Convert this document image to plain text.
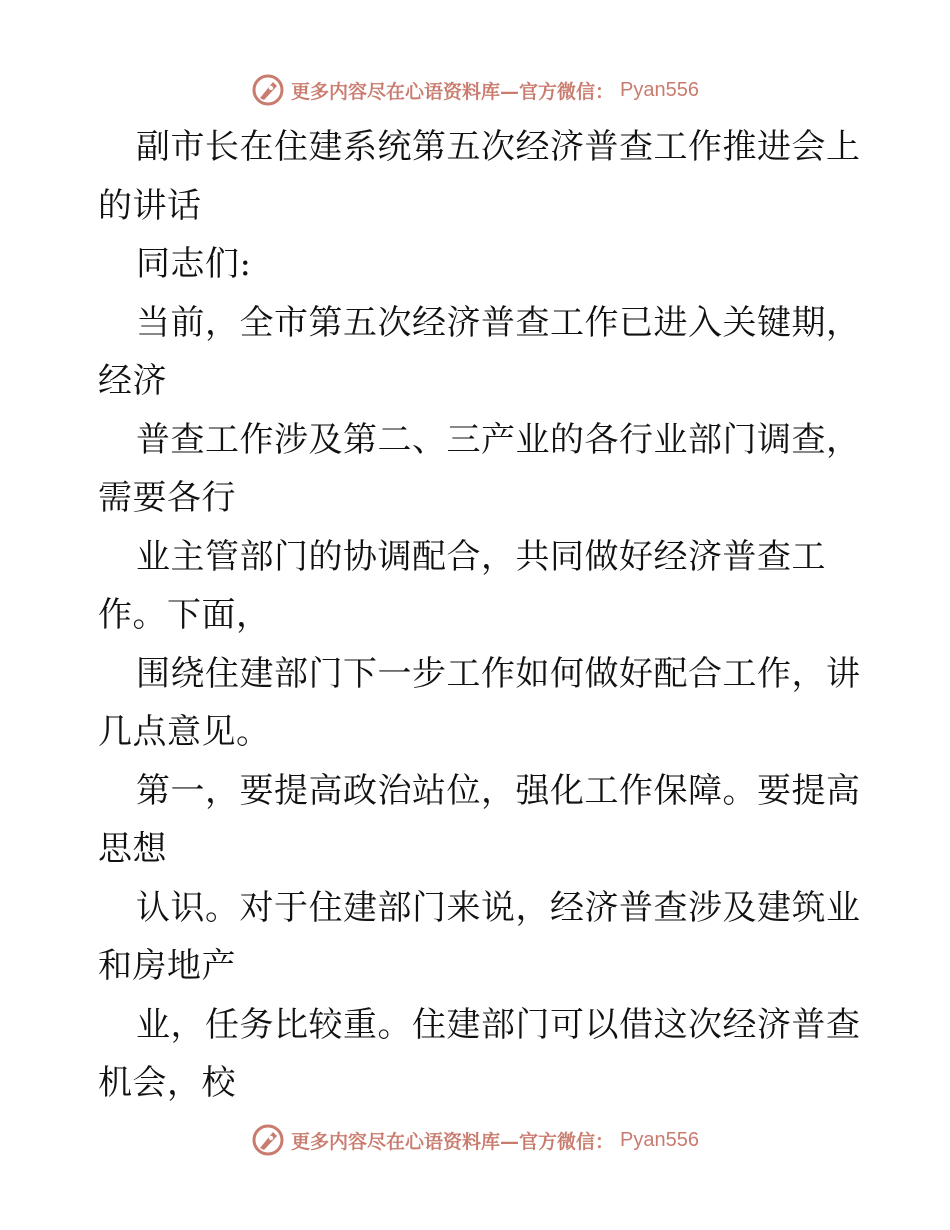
更多内容尽在心语资料库—官方微信： Pyan556
副市长在住建系统第五次经济普查工作推进会上
的讲话
同志们:
当前，全市第五次经济普查工作已进入关键期，
经济
普查工作涉及第二、三产业的各行业部门调查，
需要各行
业主管部门的协调配合，共同做好经济普查工
作。下面，
围绕住建部门下一步工作如何做好配合工作，讲
几点意见。
第一，要提高政治站位，强化工作保障。要提高
思想
认识。对于住建部门来说，经济普查涉及建筑业
和房地产
业，任务比较重。住建部门可以借这次经济普查
机会，校
更多内容尽在心语资料库—官方微信： Pyan556
